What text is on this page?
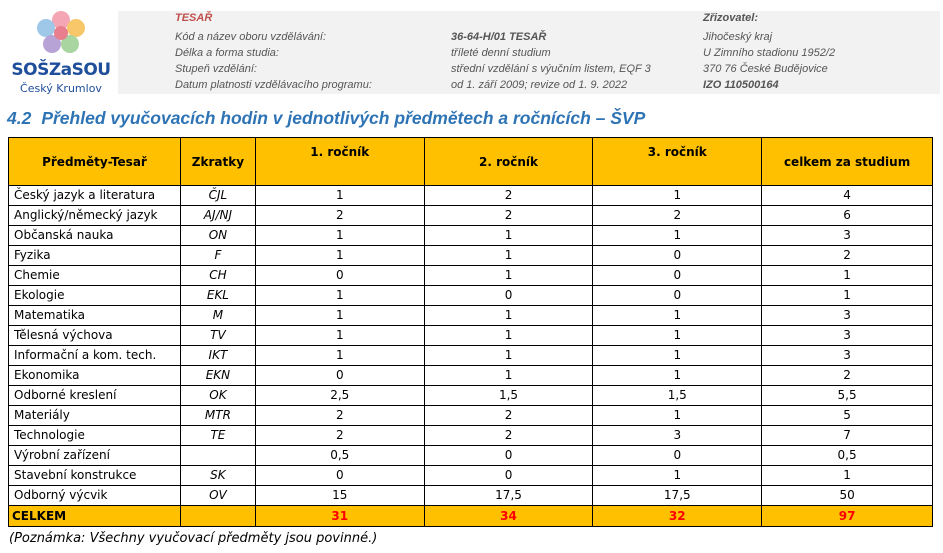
SOŠZaSOU
Český Krumlov
TESAŘ
Kód a název oboru vzdělávání:
Délka a forma studia:
Stupeň vzdělání:
Datum platnosti vzdělávacího programu:
36-64-H/01 TESAŘ
tříleté denní studium
střední vzdělání s výučním listem, EQF 3
od 1. září 2009; revize od 1. 9. 2022
Zřizovatel:
Jihočeský kraj
U Zimního stadionu 1952/2
370 76 České Budějovice
IZO 110500164
4.2 Přehled vyučovacích hodin v jednotlivých předmětech a ročnících – ŠVP
Předměty-Tesař	Zkratky	1. ročník	2. ročník	3. ročník	celkem za studium
Český jazyk a literatura	ČJL	1	2	1	4
Anglický/německý jazyk	AJ/NJ	2	2	2	6
Občanská nauka	ON	1	1	1	3
Fyzika	F	1	1	0	2
Chemie	CH	0	1	0	1
Ekologie	EKL	1	0	0	1
Matematika	M	1	1	1	3
Tělesná výchova	TV	1	1	1	3
Informační a kom. tech.	IKT	1	1	1	3
Ekonomika	EKN	0	1	1	2
Odborné kreslení	OK	2,5	1,5	1,5	5,5
Materiály	MTR	2	2	1	5
Technologie	TE	2	2	3	7
Výrobní zařízení		0,5	0	0	0,5
Stavební konstrukce	SK	0	0	1	1
Odborný výcvik	OV	15	17,5	17,5	50
CELKEM		31	34	32	97
(Poznámka: Všechny vyučovací předměty jsou povinné.)
